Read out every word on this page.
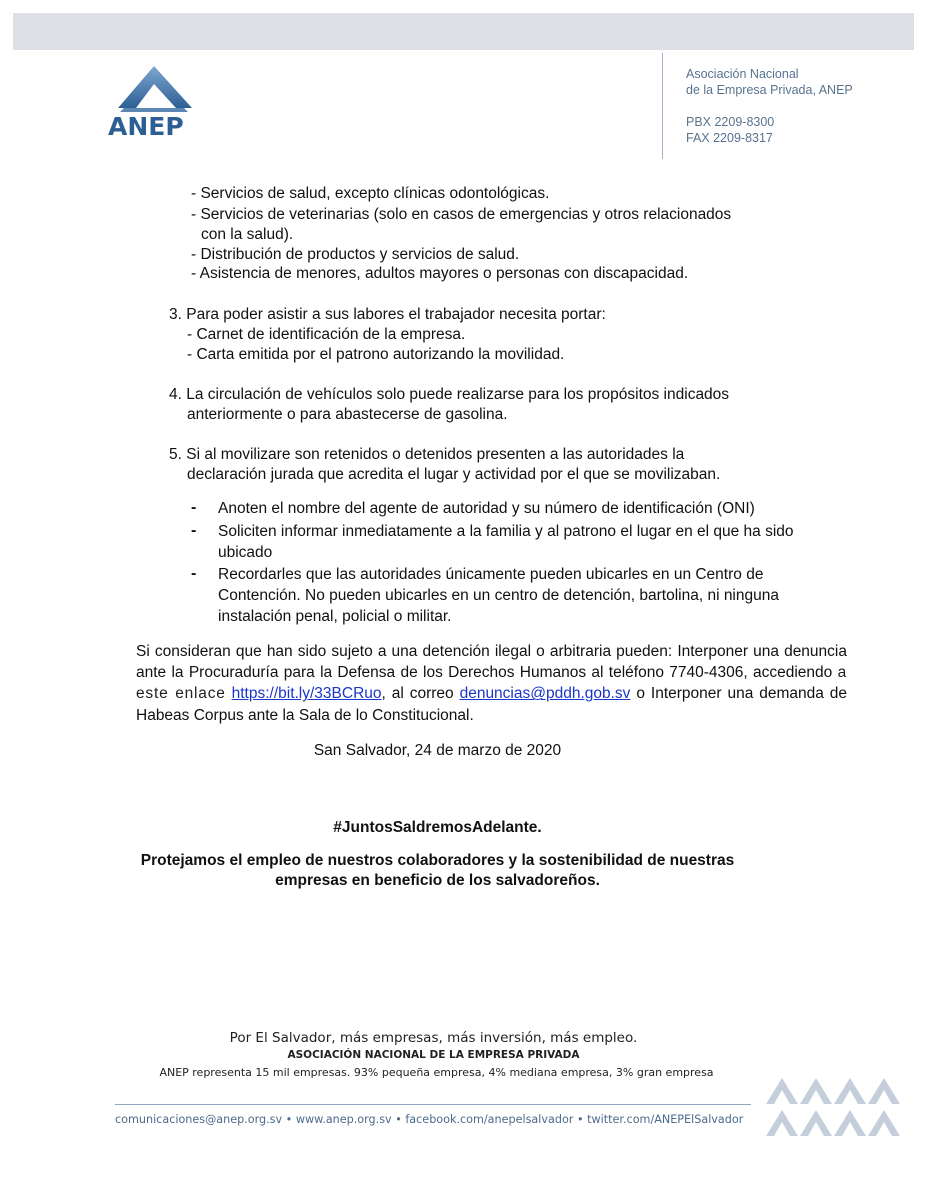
ANEP
Asociación Nacional
de la Empresa Privada, ANEP
PBX 2209-8300
FAX 2209-8317
- Servicios de salud, excepto clínicas odontológicas.
- Servicios de veterinarias (solo en casos de emergencias y otros relacionados
con la salud).
- Distribución de productos y servicios de salud.
- Asistencia de menores, adultos mayores o personas con discapacidad.
3. Para poder asistir a sus labores el trabajador necesita portar:
- Carnet de identificación de la empresa.
- Carta emitida por el patrono autorizando la movilidad.
4. La circulación de vehículos solo puede realizarse para los propósitos indicados
anteriormente o para abastecerse de gasolina.
5. Si al movilizare son retenidos o detenidos presenten a las autoridades la
declaración jurada que acredita el lugar y actividad por el que se movilizaban.
- Anoten el nombre del agente de autoridad y su número de identificación (ONI)
- Soliciten informar inmediatamente a la familia y al patrono el lugar en el que ha sido
ubicado
- Recordarles que las autoridades únicamente pueden ubicarles en un Centro de
Contención. No pueden ubicarles en un centro de detención, bartolina, ni ninguna
instalación penal, policial o militar.
Si consideran que han sido sujeto a una detención ilegal o arbitraria pueden: Interponer una denuncia ante la Procuraduría para la Defensa de los Derechos Humanos al teléfono 7740-4306, accediendo a este enlace https://bit.ly/33BCRuo, al correo denuncias@pddh.gob.sv o Interponer una demanda de Habeas Corpus ante la Sala de lo Constitucional.
San Salvador, 24 de marzo de 2020
#JuntosSaldremosAdelante.
Protejamos el empleo de nuestros colaboradores y la sostenibilidad de nuestras
empresas en beneficio de los salvadoreños.
Por El Salvador, más empresas, más inversión, más empleo.
ASOCIACIÓN NACIONAL DE LA EMPRESA PRIVADA
ANEP representa 15 mil empresas. 93% pequeña empresa, 4% mediana empresa, 3% gran empresa
comunicaciones@anep.org.sv • www.anep.org.sv • facebook.com/anepelsalvador • twitter.com/ANEPElSalvador
